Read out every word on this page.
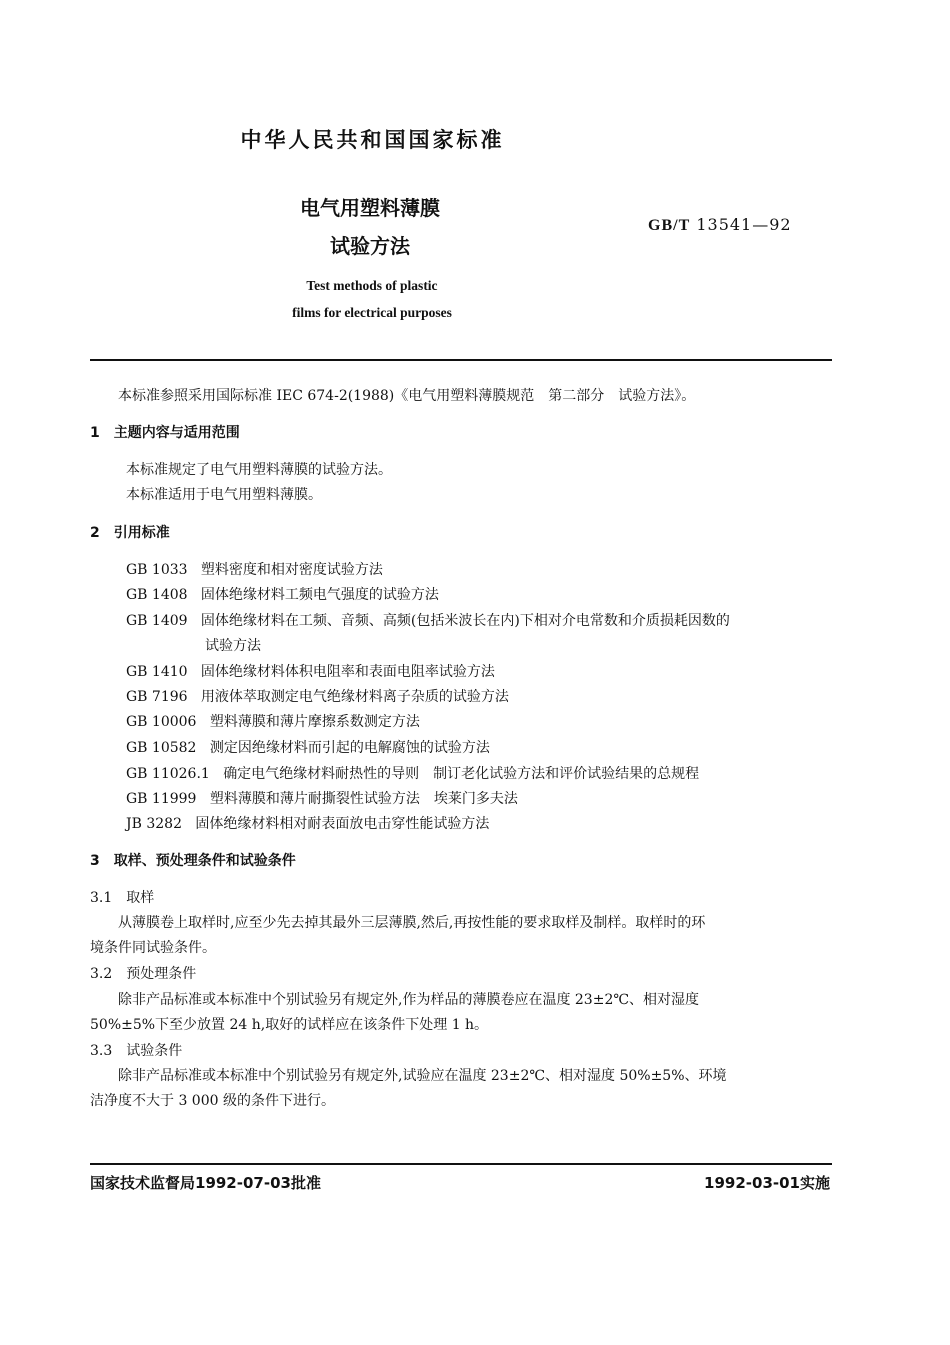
中华人民共和国国家标准
电气用塑料薄膜
试验方法
GB/T 13541—92
Test methods of plastic
films for electrical purposes
本标准参照采用国际标准 IEC 674-2(1988)《电气用塑料薄膜规范　第二部分　试验方法》。
1　主题内容与适用范围
本标准规定了电气用塑料薄膜的试验方法。
本标准适用于电气用塑料薄膜。
2　引用标准
GB 1033 塑料密度和相对密度试验方法
GB 1408 固体绝缘材料工频电气强度的试验方法
GB 1409 固体绝缘材料在工频、音频、高频(包括米波长在内)下相对介电常数和介质损耗因数的
试验方法
GB 1410 固体绝缘材料体积电阻率和表面电阻率试验方法
GB 7196 用液体萃取测定电气绝缘材料离子杂质的试验方法
GB 10006 塑料薄膜和薄片摩擦系数测定方法
GB 10582 测定因绝缘材料而引起的电解腐蚀的试验方法
GB 11026.1 确定电气绝缘材料耐热性的导则　制订老化试验方法和评价试验结果的总规程
GB 11999 塑料薄膜和薄片耐撕裂性试验方法　埃莱门多夫法
JB 3282 固体绝缘材料相对耐表面放电击穿性能试验方法
3　取样、预处理条件和试验条件
3.1　取样
从薄膜卷上取样时,应至少先去掉其最外三层薄膜,然后,再按性能的要求取样及制样。取样时的环
境条件同试验条件。
3.2　预处理条件
除非产品标准或本标准中个别试验另有规定外,作为样品的薄膜卷应在温度 23±2℃、相对湿度
50%±5%下至少放置 24 h,取好的试样应在该条件下处理 1 h。
3.3　试验条件
除非产品标准或本标准中个别试验另有规定外,试验应在温度 23±2℃、相对湿度 50%±5%、环境
洁净度不大于 3 000 级的条件下进行。
国家技术监督局1992-07-03批准	1992-03-01实施
